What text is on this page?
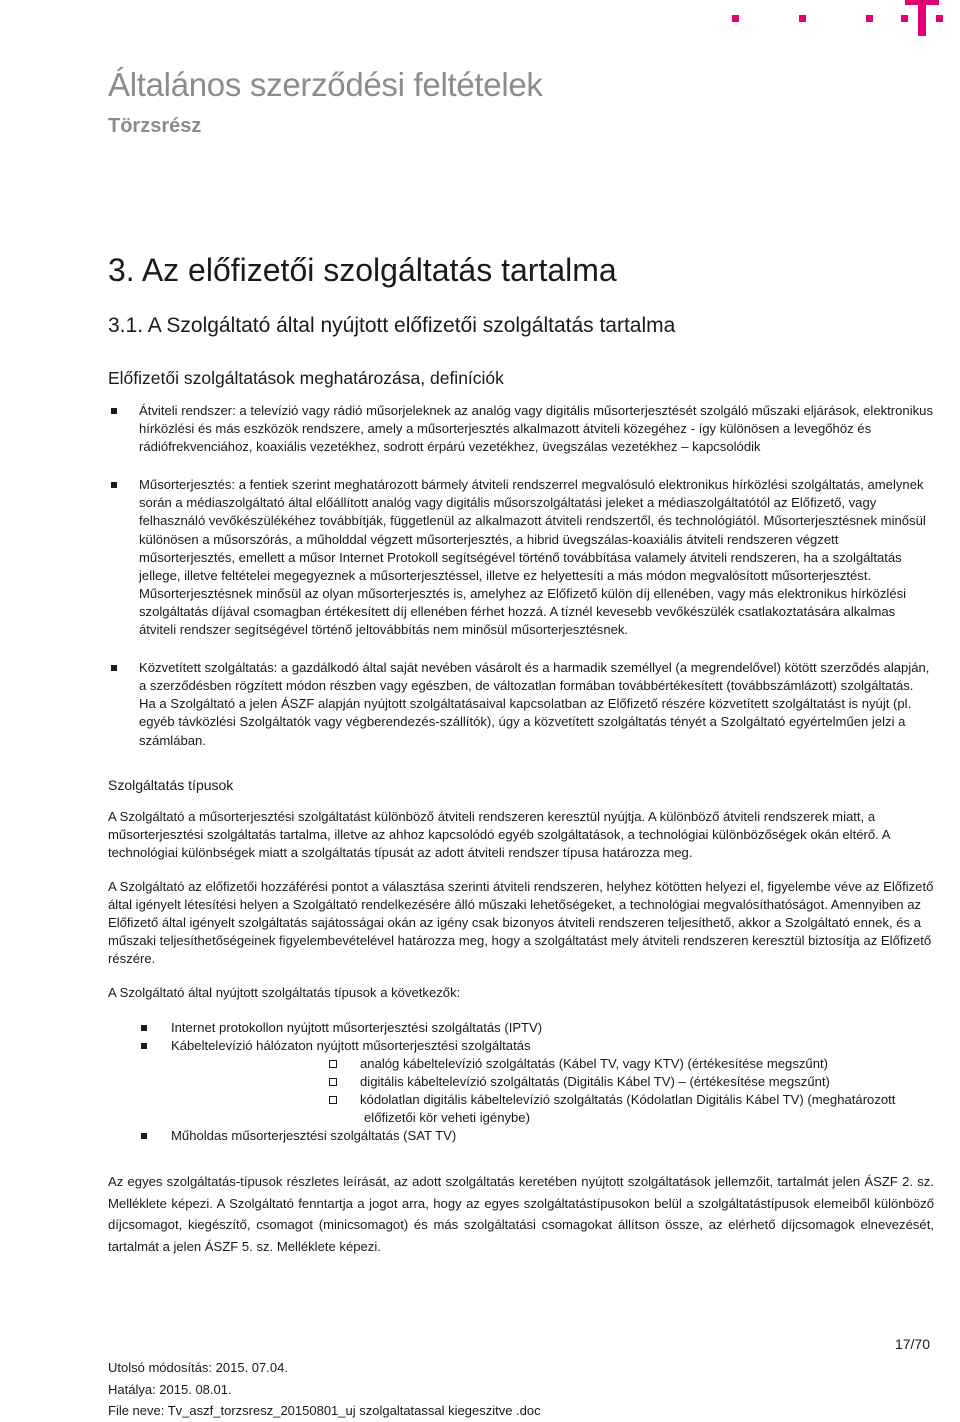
Általános szerződési feltételek
Törzsrész
3. Az előfizetői szolgáltatás tartalma
3.1. A Szolgáltató által nyújtott előfizetői szolgáltatás tartalma
Előfizetői szolgáltatások meghatározása, definíciók

Átviteli rendszer: a televízió vagy rádió műsorjeleknek az analóg vagy digitális műsorterjesztését szolgáló műszaki eljárások, elektronikus hírközlési és más eszközök rendszere, amely a műsorterjesztés alkalmazott átviteli közegéhez - így különösen a levegőhöz és rádiófrekvenciához, koaxiális vezetékhez, sodrott érpárú vezetékhez, üvegszálas vezetékhez – kapcsolódik

Műsorterjesztés: a fentiek szerint meghatározott bármely átviteli rendszerrel megvalósuló elektronikus hírközlési szolgáltatás, amelynek során a médiaszolgáltató által előállított analóg vagy digitális műsorszolgáltatási jeleket a médiaszolgáltatótól az Előfizető, vagy felhasználó vevőkészülékéhez továbbítják, függetlenül az alkalmazott átviteli rendszertől, és technológiától. Műsorterjesztésnek minősül különösen a műsorszórás, a műholddal végzett műsorterjesztés, a hibrid üvegszálas-koaxiális átviteli rendszeren végzett műsorterjesztés, emellett a műsor Internet Protokoll segítségével történő továbbítása valamely átviteli rendszeren, ha a szolgáltatás jellege, illetve feltételei megegyeznek a műsorterjesztéssel, illetve ez helyettesíti a más módon megvalósított műsorterjesztést. Műsorterjesztésnek minősül az olyan műsorterjesztés is, amelyhez az Előfizető külön díj ellenében, vagy más elektronikus hírközlési szolgáltatás díjával csomagban értékesített díj ellenében férhet hozzá. A tíznél kevesebb vevőkészülék csatlakoztatására alkalmas átviteli rendszer segítségével történő jeltovábbítás nem minősül műsorterjesztésnek.

Közvetített szolgáltatás: a gazdálkodó által saját nevében vásárolt és a harmadik személlyel (a megrendelővel) kötött szerződés alapján, a szerződésben rögzített módon részben vagy egészben, de változatlan formában továbbértékesített (továbbszámlázott) szolgáltatás.

Ha a Szolgáltató a jelen ÁSZF alapján nyújtott szolgáltatásaival kapcsolatban az Előfizető részére közvetített szolgáltatást is nyújt (pl. egyéb távközlési Szolgáltatók vagy végberendezés-szállítók), úgy a közvetített szolgáltatás tényét a Szolgáltató egyértelműen jelzi a számlában.

Szolgáltatás típusok

A Szolgáltató a műsorterjesztési szolgáltatást különböző átviteli rendszeren keresztül nyújtja. A különböző átviteli rendszerek miatt, a műsorterjesztési szolgáltatás tartalma, illetve az ahhoz kapcsolódó egyéb szolgáltatások, a technológiai különbözőségek okán eltérő. A technológiai különbségek miatt a szolgáltatás típusát az adott átviteli rendszer típusa határozza meg.

A Szolgáltató az előfizetői hozzáférési pontot a választása szerinti átviteli rendszeren, helyhez kötötten helyezi el, figyelembe véve az Előfizető által igényelt létesítési helyen a Szolgáltató rendelkezésére álló műszaki lehetőségeket, a technológiai megvalósíthatóságot. Amennyiben az Előfizető által igényelt szolgáltatás sajátosságai okán az igény csak bizonyos átviteli rendszeren teljesíthető, akkor a Szolgáltató ennek, és a műszaki teljesíthetőségeinek figyelembevételével határozza meg, hogy a szolgáltatást mely átviteli rendszeren keresztül biztosítja az Előfizető részére.

A Szolgáltató által nyújtott szolgáltatás típusok a következők:

Internet protokollon nyújtott műsorterjesztési szolgáltatás (IPTV)
Kábeltelevízió hálózaton nyújtott műsorterjesztési szolgáltatás
analóg kábeltelevízió szolgáltatás (Kábel TV, vagy KTV) (értékesítése megszűnt)
digitális kábeltelevízió szolgáltatás (Digitális Kábel TV) – (értékesítése megszűnt)
kódolatlan digitális kábeltelevízió szolgáltatás (Kódolatlan Digitális Kábel TV) (meghatározott
előfizetői kör veheti igénybe)
Műholdas műsorterjesztési szolgáltatás (SAT TV)

Az egyes szolgáltatás-típusok részletes leírását, az adott szolgáltatás keretében nyújtott szolgáltatások jellemzőit, tartalmát jelen ÁSZF 2. sz. Melléklete képezi. A Szolgáltató fenntartja a jogot arra, hogy az egyes szolgáltatástípusokon belül a szolgáltatástípusok elemeiből különböző díjcsomagot, kiegészítő, csomagot (minicsomagot) és más szolgáltatási csomagokat állítson össze, az elérhető díjcsomagok elnevezését, tartalmát a jelen ÁSZF 5. sz. Melléklete képezi.

17/70
Utolsó módosítás: 2015. 07.04.
Hatálya: 2015. 08.01.
File neve: Tv_aszf_torzsresz_20150801_uj szolgaltatassal kiegeszitve .doc
